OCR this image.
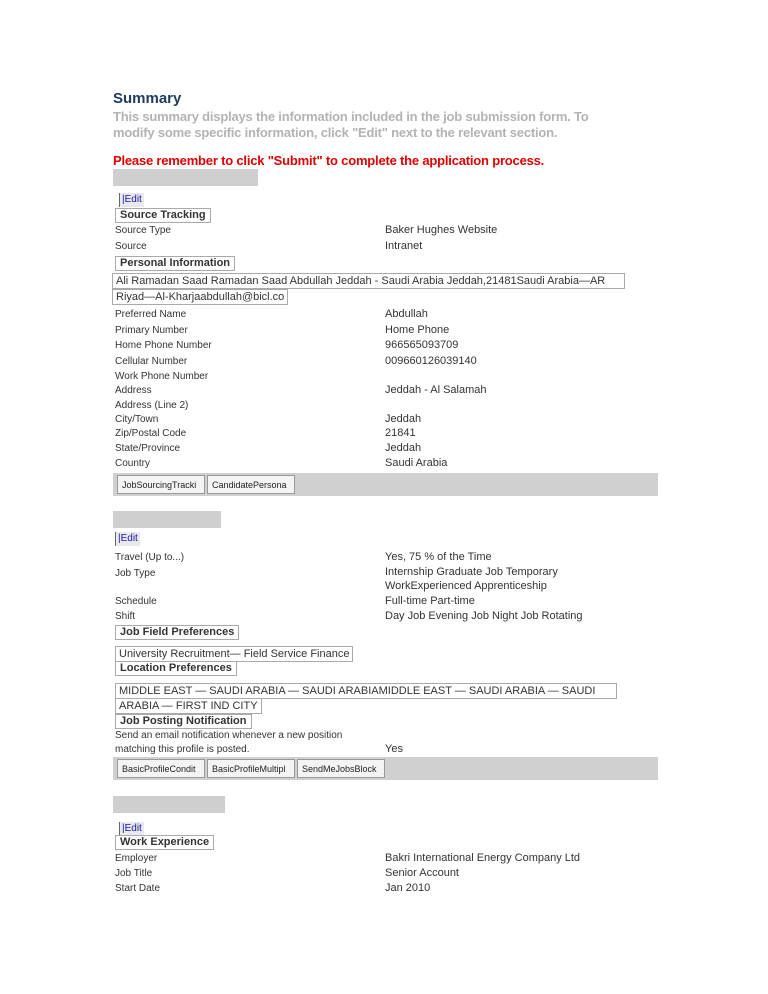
Summary
This summary displays the information included in the job submission form. To
modify some specific information, click "Edit" next to the relevant section.
Please remember to click "Submit" to complete the application process.
|Edit
Source Tracking
Source Type	Baker Hughes Website
Source	Intranet
Personal Information
Ali Ramadan Saad Ramadan Saad Abdullah Jeddah - Saudi Arabia Jeddah,21481Saudi Arabia—AR
Riyad—Al-Kharjaabdullah@bicl.co
Preferred Name	Abdullah
Primary Number	Home Phone
Home Phone Number	966565093709
Cellular Number	009660126039140
Work Phone Number
Address	Jeddah - Al Salamah
Address (Line 2)
City/Town	Jeddah
Zip/Postal Code	21841
State/Province	Jeddah
Country	Saudi Arabia
JobSourcingTracki	CandidatePersona
|Edit
Travel (Up to...)	Yes, 75 % of the Time
Job Type	Internship Graduate Job Temporary
WorkExperienced Apprenticeship
Schedule	Full-time Part-time
Shift	Day Job Evening Job Night Job Rotating
Job Field Preferences
University Recruitment— Field Service Finance
Location Preferences
MIDDLE EAST — SAUDI ARABIA — SAUDI ARABIAMIDDLE EAST — SAUDI ARABIA — SAUDI
ARABIA — FIRST IND CITY
Job Posting Notification
Send an email notification whenever a new position
matching this profile is posted.	Yes
BasicProfileCondit	BasicProfileMultipl	SendMeJobsBlock
|Edit
Work Experience
Employer	Bakri International Energy Company Ltd
Job Title	Senior Account
Start Date	Jan 2010
